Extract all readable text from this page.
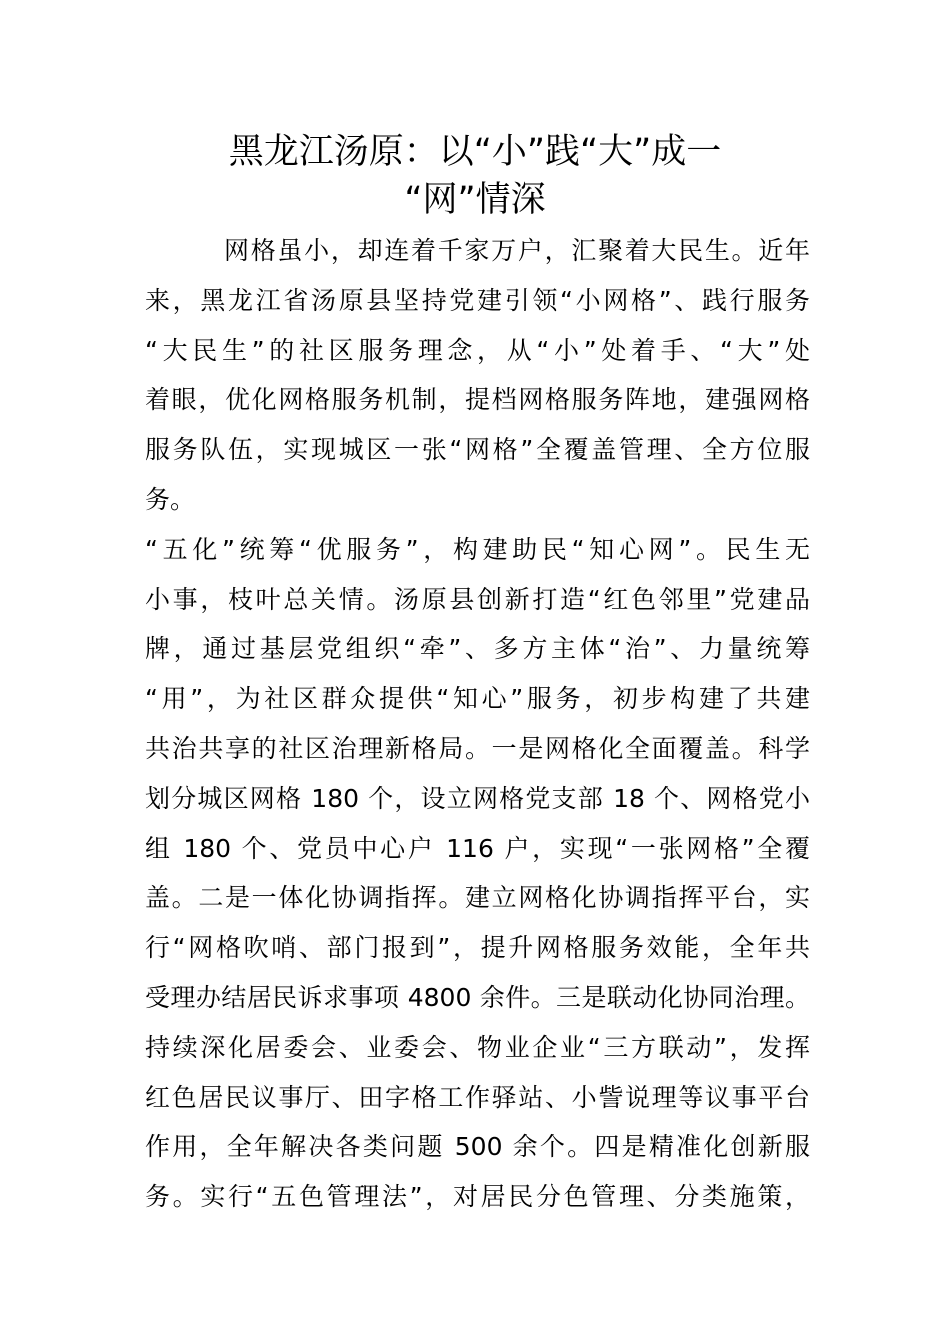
黑龙江汤原：以“小”践“大”成一
“网”情深
网格虽小，却连着千家万户，汇聚着大民生。近年
来，黑龙江省汤原县坚持党建引领“小网格”、践行服务
“大民生”的社区服务理念，从“小”处着手、“大”处
着眼，优化网格服务机制，提档网格服务阵地，建强网格
服务队伍，实现城区一张“网格”全覆盖管理、全方位服
务。
“五化”统筹“优服务”，构建助民“知心网”。民生无
小事，枝叶总关情。汤原县创新打造“红色邻里”党建品
牌，通过基层党组织“牵”、多方主体“治”、力量统筹
“用”，为社区群众提供“知心”服务，初步构建了共建
共治共享的社区治理新格局。一是网格化全面覆盖。科学
划分城区网格 180 个，设立网格党支部 18 个、网格党小
组 180 个、党员中心户 116 户，实现“一张网格”全覆
盖。二是一体化协调指挥。建立网格化协调指挥平台，实
行“网格吹哨、部门报到”，提升网格服务效能，全年共
受理办结居民诉求事项 4800 余件。三是联动化协同治理。
持续深化居委会、业委会、物业企业“三方联动”，发挥
红色居民议事厅、田字格工作驿站、小訾说理等议事平台
作用，全年解决各类问题 500 余个。四是精准化创新服
务。实行“五色管理法”，对居民分色管理、分类施策，
